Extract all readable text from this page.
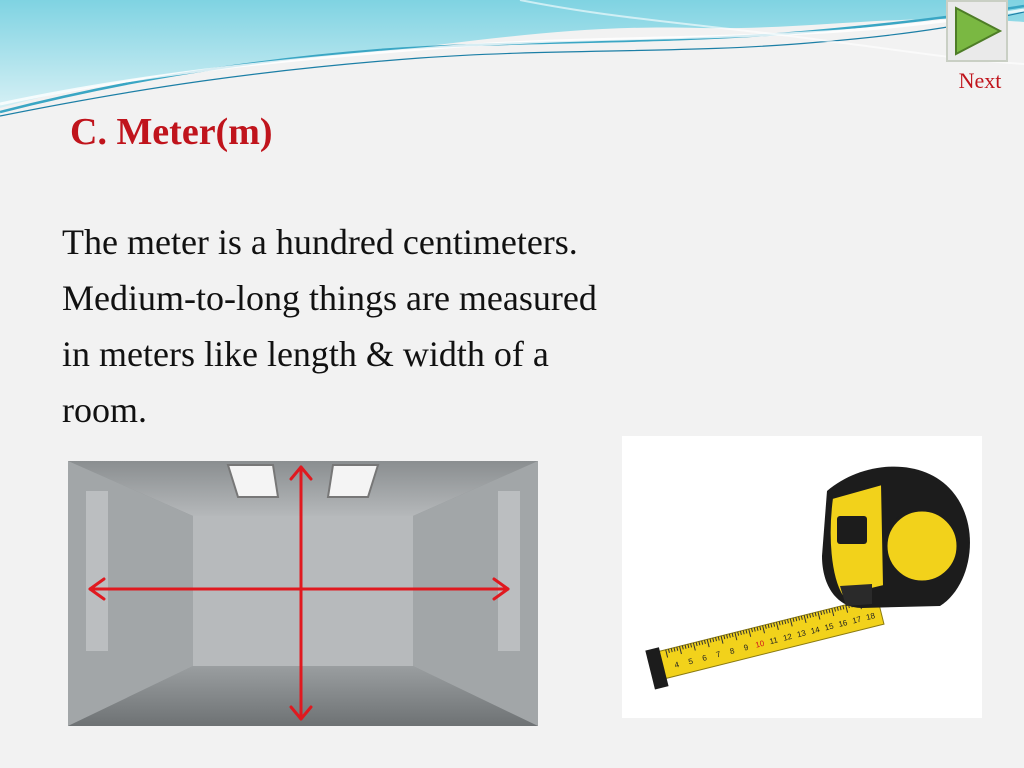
Next
C. Meter(m)
The meter is a hundred centimeters.
Medium-to-long things are measured
in meters like length & width of a
room.
4 5 6 7 8 9 10 11 12 13 14 15 16 17 18
